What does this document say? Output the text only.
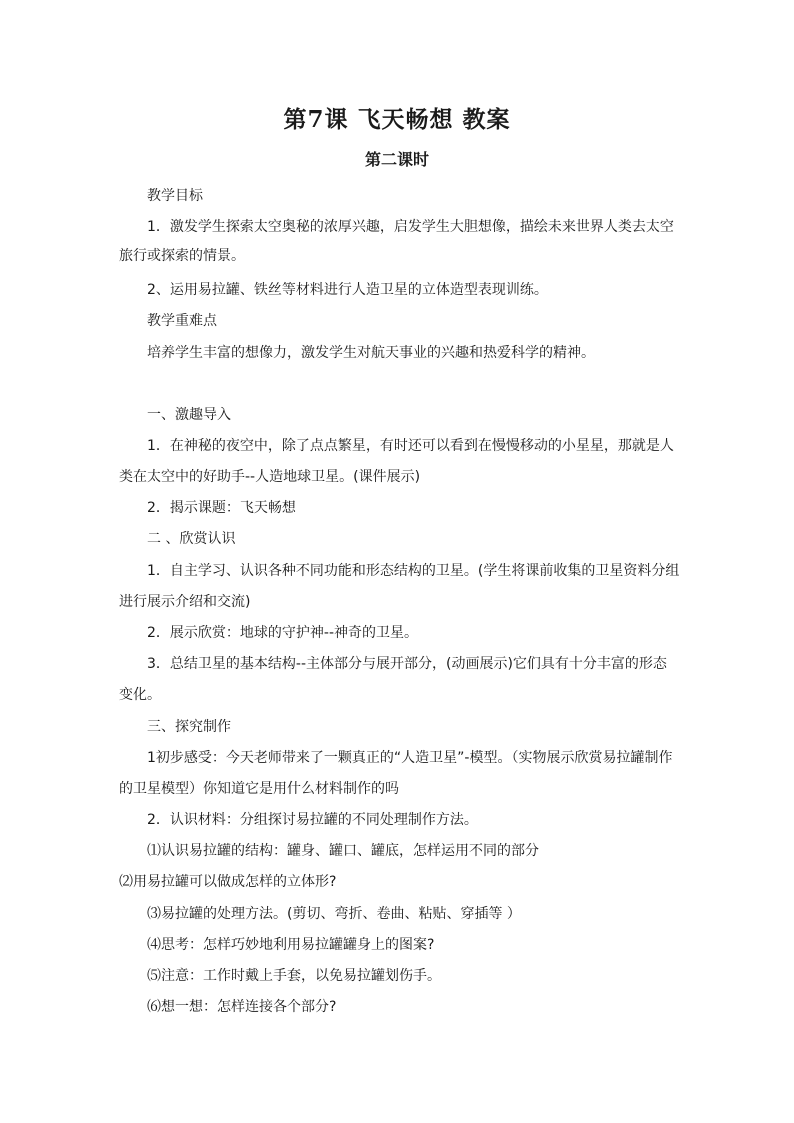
第7课 飞天畅想 教案
第二课时
教学目标
1．激发学生探索太空奥秘的浓厚兴趣，启发学生大胆想像，描绘未来世界人类去太空
旅行或探索的情景。
2、运用易拉罐、铁丝等材料进行人造卫星的立体造型表现训练。
教学重难点
培养学生丰富的想像力，激发学生对航天事业的兴趣和热爱科学的精神。
一、激趣导入
1．在神秘的夜空中，除了点点繁星，有时还可以看到在慢慢移动的小星星，那就是人
类在太空中的好助手--人造地球卫星。(课件展示)
2．揭示课题：飞天畅想
二 、欣赏认识
1．自主学习、认识各种不同功能和形态结构的卫星。(学生将课前收集的卫星资料分组
进行展示介绍和交流)
2．展示欣赏：地球的守护神--神奇的卫星。
3．总结卫星的基本结构--主体部分与展开部分，(动画展示)它们具有十分丰富的形态
变化。
三、探究制作
1初步感受：今天老师带来了一颗真正的“人造卫星”-模型。（实物展示欣赏易拉罐制作
的卫星模型）你知道它是用什么材料制作的吗
2．认识材料：分组探讨易拉罐的不同处理制作方法。
⑴认识易拉罐的结构：罐身、罐口、罐底，怎样运用不同的部分
⑵用易拉罐可以做成怎样的立体形?
⑶易拉罐的处理方法。(剪切、弯折、卷曲、粘贴、穿插等 ）
⑷思考：怎样巧妙地利用易拉罐罐身上的图案?
⑸注意：工作时戴上手套，以免易拉罐划伤手。
⑹想一想：怎样连接各个部分?
